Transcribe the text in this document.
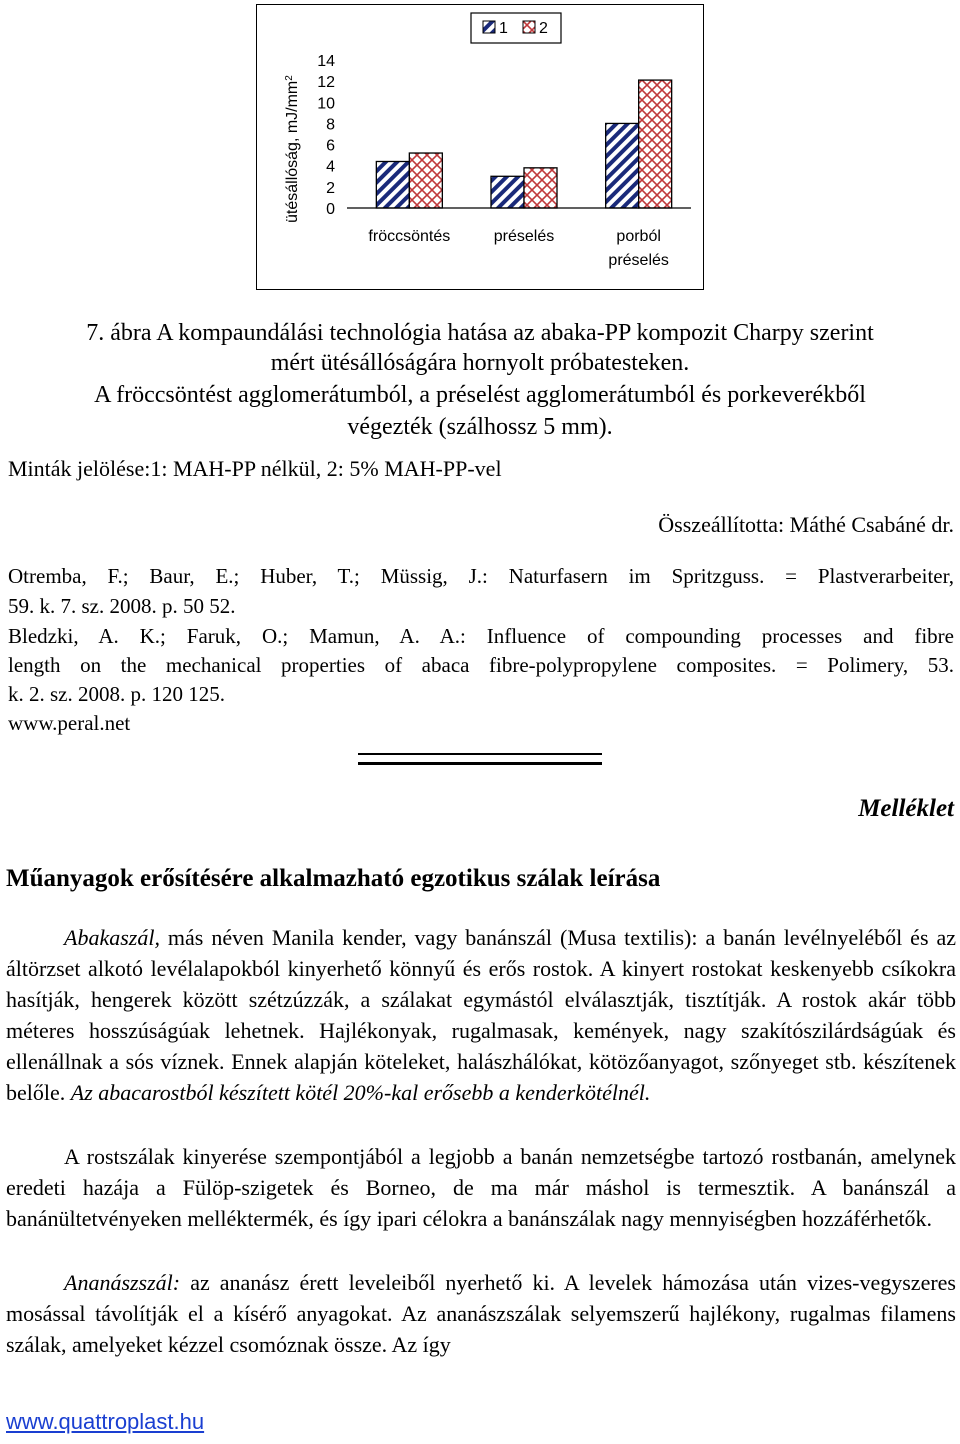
0
2
4
6
8
10
12
14
ütésállóság, $mJ/mm^2$
fröccsöntés	préselés	porból
préselés
1 2
7. ábra A kompaundálási technológia hatása az abaka-PP kompozit Charpy szerint
mért ütésállóságára hornyolt próbatesteken.
A fröccsöntést agglomerátumból, a préselést agglomerátumból és porkeverékből
végezték (szálhossz 5 mm).
Minták jelölése:1: MAH-PP nélkül, 2: 5% MAH-PP-vel
Összeállította: Máthé Csabáné dr.
Otremba, F.; Baur, E.; Huber, T.; Müssig, J.: Naturfasern im Spritzguss. = Plastverarbeiter,
59. k. 7. sz. 2008. p. 50 52.
Bledzki, A. K.; Faruk, O.; Mamun, A. A.: Influence of compounding processes and fibre
length on the mechanical properties of abaca fibre-polypropylene composites. = Polimery, 53.
k. 2. sz. 2008. p. 120 125.
www.peral.net
Melléklet
Műanyagok erősítésére alkalmazható egzotikus szálak leírása
Abakaszál, más néven Manila kender, vagy banánszál (Musa textilis): a banán levélnyeléből és az áltörzset alkotó levélalapokból kinyerhető könnyű és erős rostok. A kinyert rostokat keskenyebb csíkokra hasítják, hengerek között szétzúzzák, a szálakat egymástól elválasztják, tisztítják. A rostok akár több méteres hosszúságúak lehetnek. Hajlékonyak, rugalmasak, kemények, nagy szakítószilárdságúak és ellenállnak a sós víznek. Ennek alapján köteleket, halászhálókat, kötözőanyagot, szőnyeget stb. készítenek belőle. Az abacarostból készített kötél 20%-kal erősebb a kenderkötélnél.
A rostszálak kinyerése szempontjából a legjobb a banán nemzetségbe tartozó rostbanán, amelynek eredeti hazája a Fülöp-szigetek és Borneo, de ma már máshol is termesztik. A banánszál a banánültetvényeken melléktermék, és így ipari célokra a banánszálak nagy mennyiségben hozzáférhetők.
Ananászszál: az ananász érett leveleiből nyerhető ki. A levelek hámozása után vizes-vegyszeres mosással távolítják el a kísérő anyagokat. Az ananászszálak selyemszerű hajlékony, rugalmas filamens szálak, amelyeket kézzel csomóznak össze. Az így
www.quattroplast.hu
